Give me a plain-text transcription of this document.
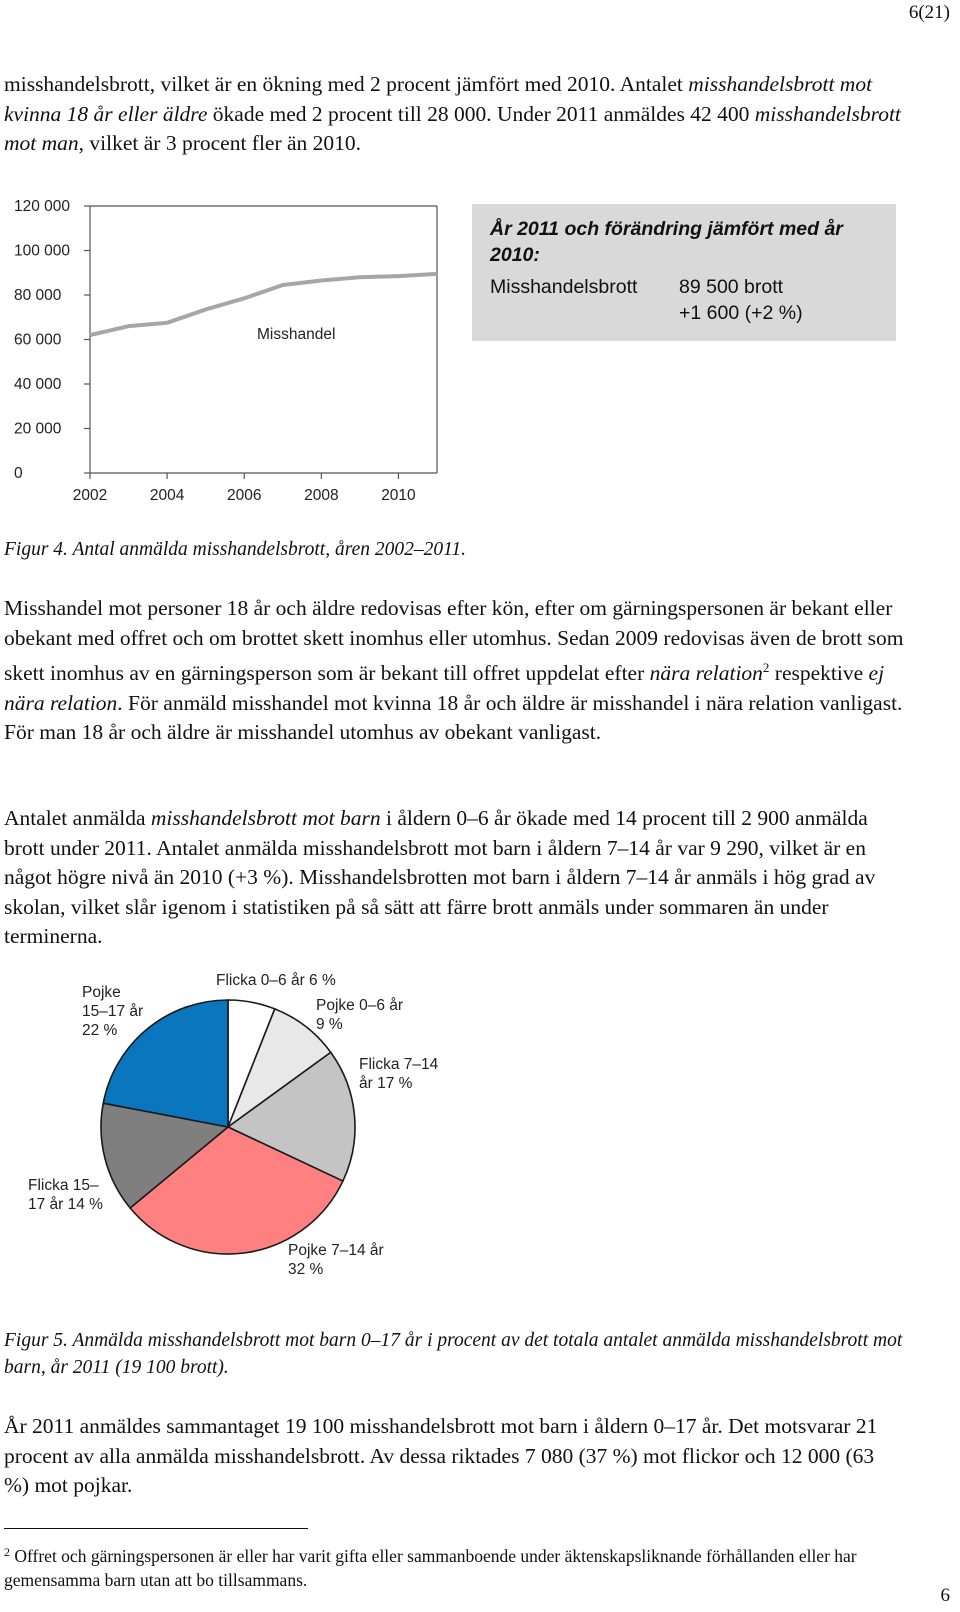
6(21)

misshandelsbrott, vilket är en ökning med 2 procent jämfört med 2010. Antalet misshandelsbrott mot kvinna 18 år eller äldre ökade med 2 procent till 28 000. Under 2011 anmäldes 42 400 misshandelsbrott mot man, vilket är 3 procent fler än 2010.

120 000
100 000
80 000
60 000
40 000
20 000
0
2002	2004	2006	2008	2010
Misshandel
År 2011 och förändring jämfört med år 2010:
Misshandelsbrott 89 500 brott
+1 600 (+2 %)

Figur 4. Antal anmälda misshandelsbrott, åren 2002–2011.

Misshandel mot personer 18 år och äldre redovisas efter kön, efter om gärningspersonen är bekant eller obekant med offret och om brottet skett inomhus eller utomhus. Sedan 2009 redovisas även de brott som skett inomhus av en gärningsperson som är bekant till offret uppdelat efter nära relation$^2$ respektive ej nära relation. För anmäld misshandel mot kvinna 18 år och äldre är misshandel i nära relation vanligast. För man 18 år och äldre är misshandel utomhus av obekant vanligast.

Antalet anmälda misshandelsbrott mot barn i åldern 0–6 år ökade med 14 procent till 2 900 anmälda brott under 2011. Antalet anmälda misshandelsbrott mot barn i åldern 7–14 år var 9 290, vilket är en något högre nivå än 2010 (+3 %). Misshandelsbrotten mot barn i åldern 7–14 år anmäls i hög grad av skolan, vilket slår igenom i statistiken på så sätt att färre brott anmäls under sommaren än under terminerna.

Flicka 0–6 år 6 %
Pojke 0–6 år
9 %
Flicka 7–14
år 17 %
Pojke 7–14 år
32 %
Flicka 15–
17 år 14 %
Pojke
15–17 år
22 %

Figur 5. Anmälda misshandelsbrott mot barn 0–17 år i procent av det totala antalet anmälda misshandelsbrott mot barn, år 2011 (19 100 brott).

År 2011 anmäldes sammantaget 19 100 misshandelsbrott mot barn i åldern 0–17 år. Det motsvarar 21 procent av alla anmälda misshandelsbrott. Av dessa riktades 7 080 (37 %) mot flickor och 12 000 (63 %) mot pojkar.

$^2$ Offret och gärningspersonen är eller har varit gifta eller sammanboende under äktenskapsliknande förhållanden eller har gemensamma barn utan att bo tillsammans.

6
